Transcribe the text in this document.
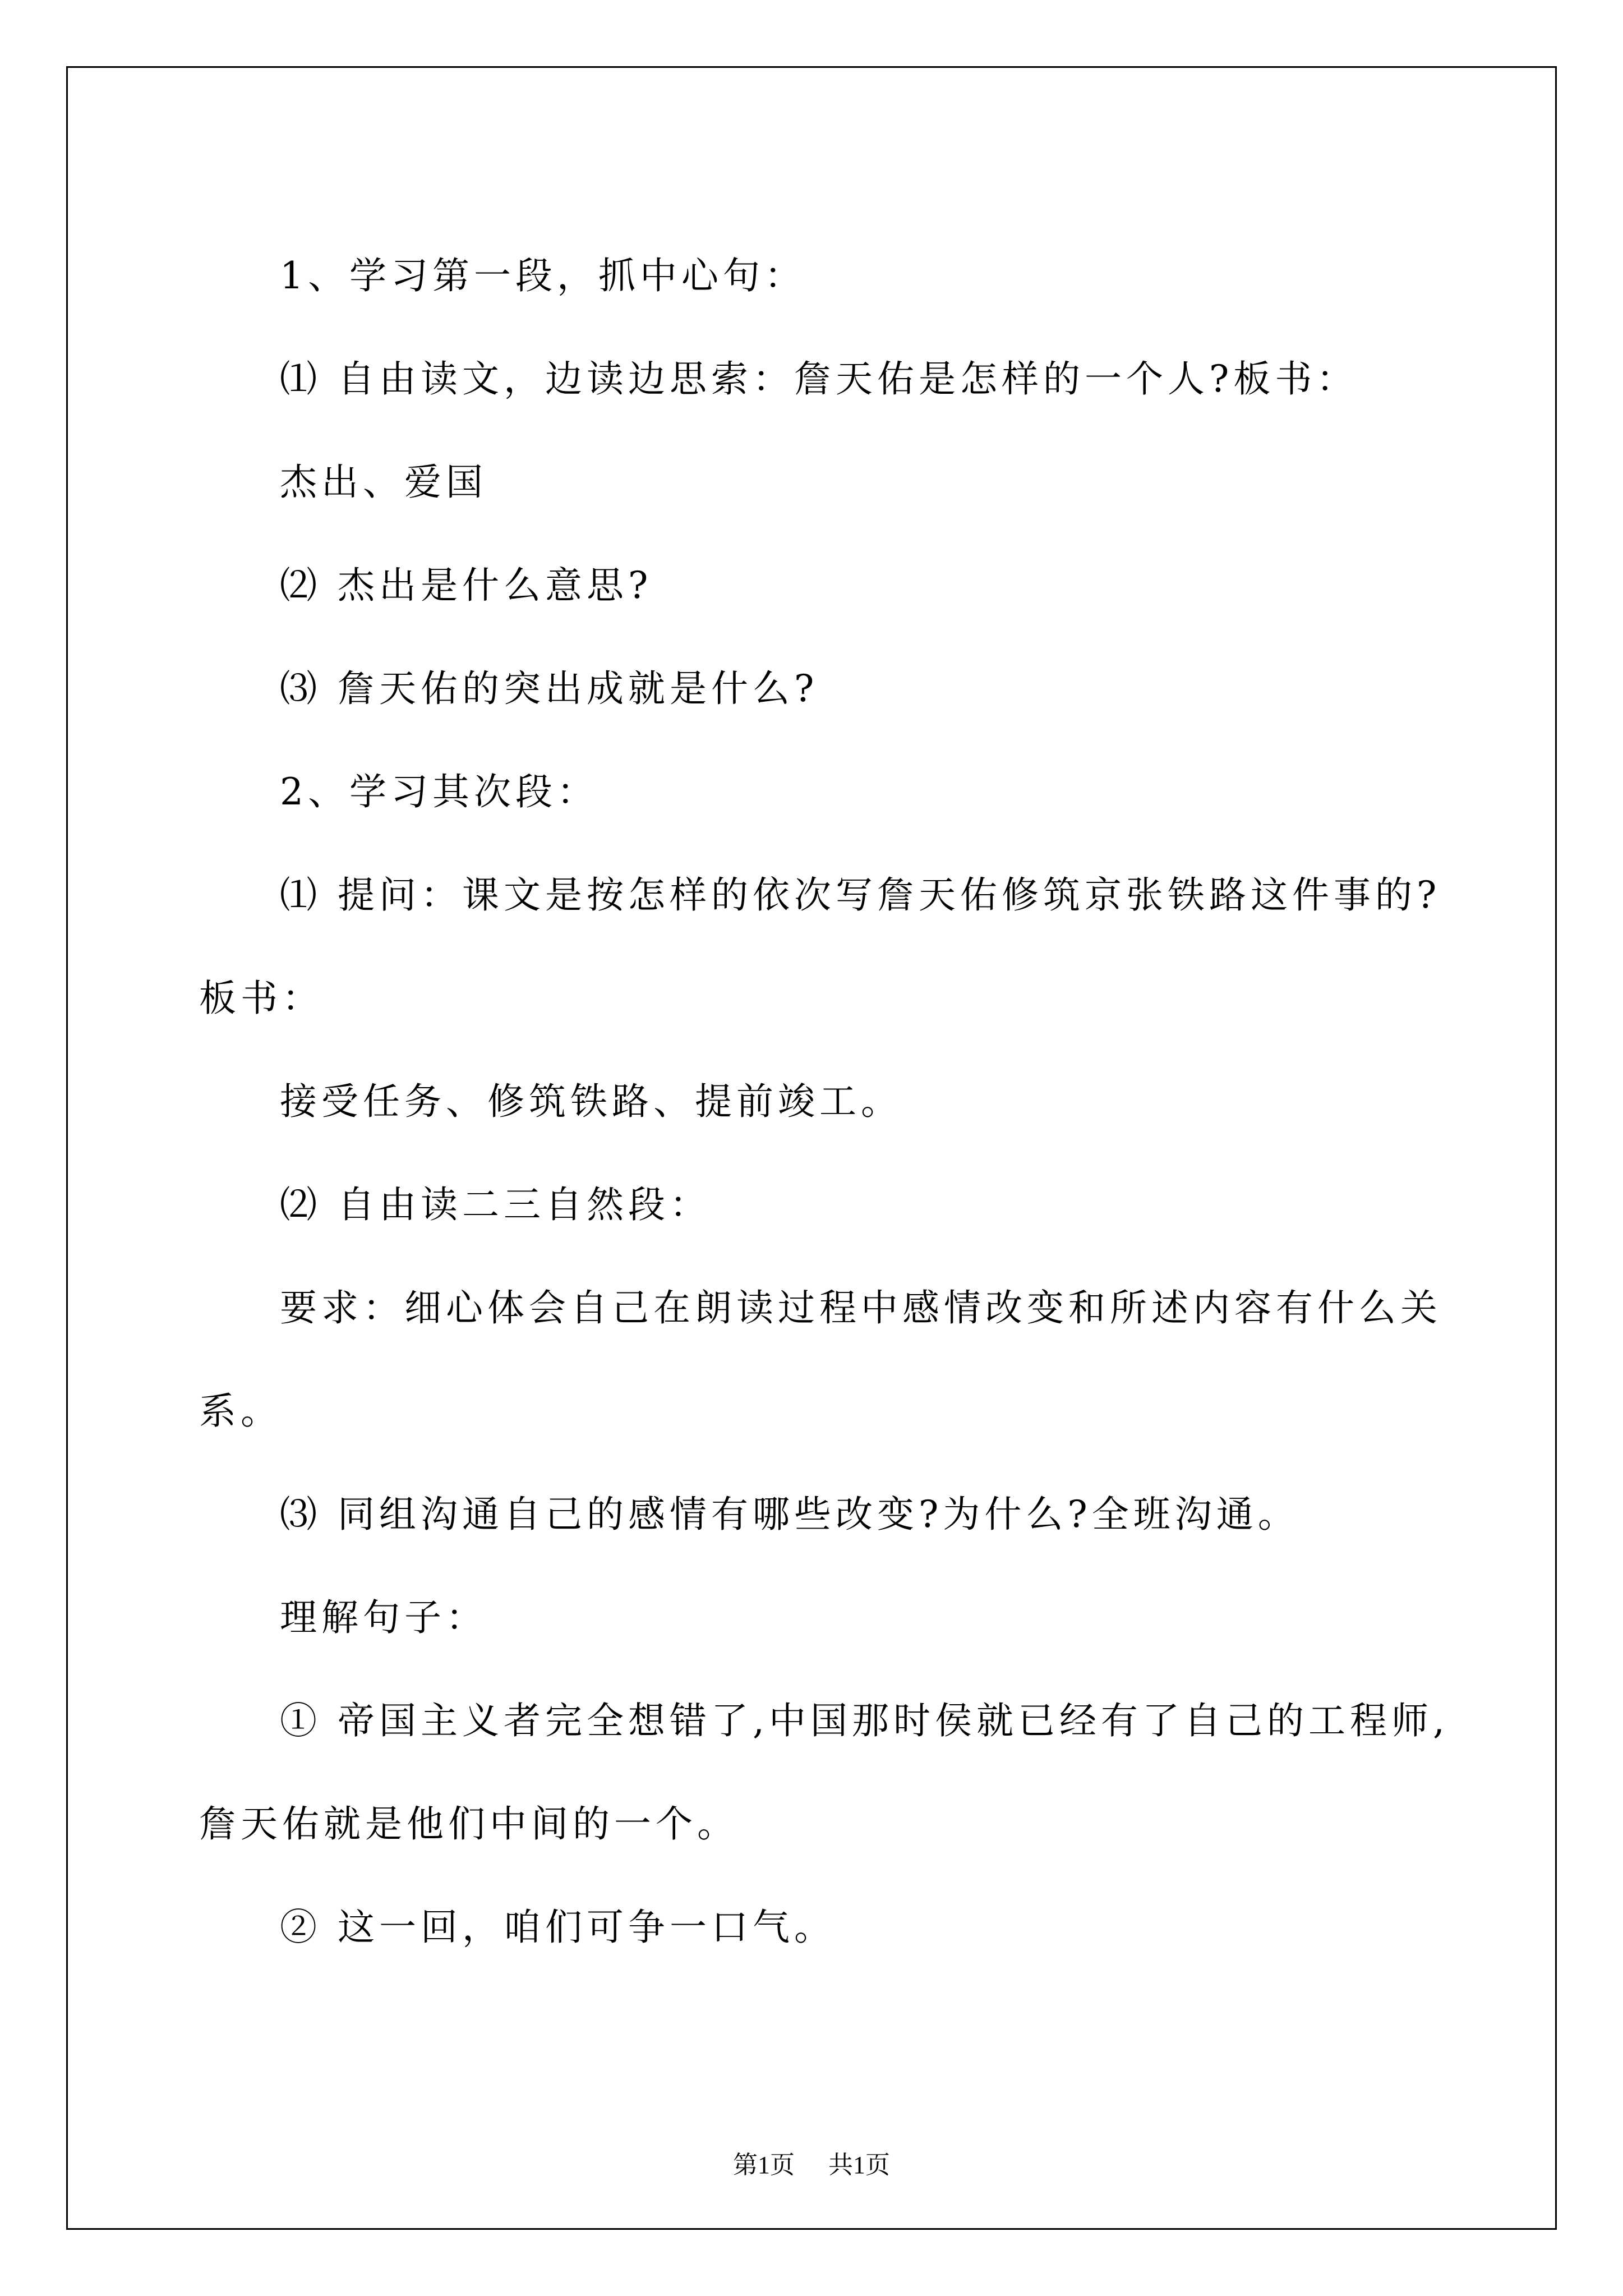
1、学习第一段，抓中心句：
⑴ 自由读文，边读边思索：詹天佑是怎样的一个人?板书：
杰出、爱国
⑵ 杰出是什么意思?
⑶ 詹天佑的突出成就是什么?
2、学习其次段：
⑴ 提问：课文是按怎样的依次写詹天佑修筑京张铁路这件事的?
板书：
接受任务、修筑铁路、提前竣工。
⑵ 自由读二三自然段：
要求：细心体会自己在朗读过程中感情改变和所述内容有什么关
系。
⑶ 同组沟通自己的感情有哪些改变?为什么?全班沟通。
理解句子：
① 帝国主义者完全想错了,中国那时侯就已经有了自己的工程师,
詹天佑就是他们中间的一个。
② 这一回，咱们可争一口气。
第1页 共1页
